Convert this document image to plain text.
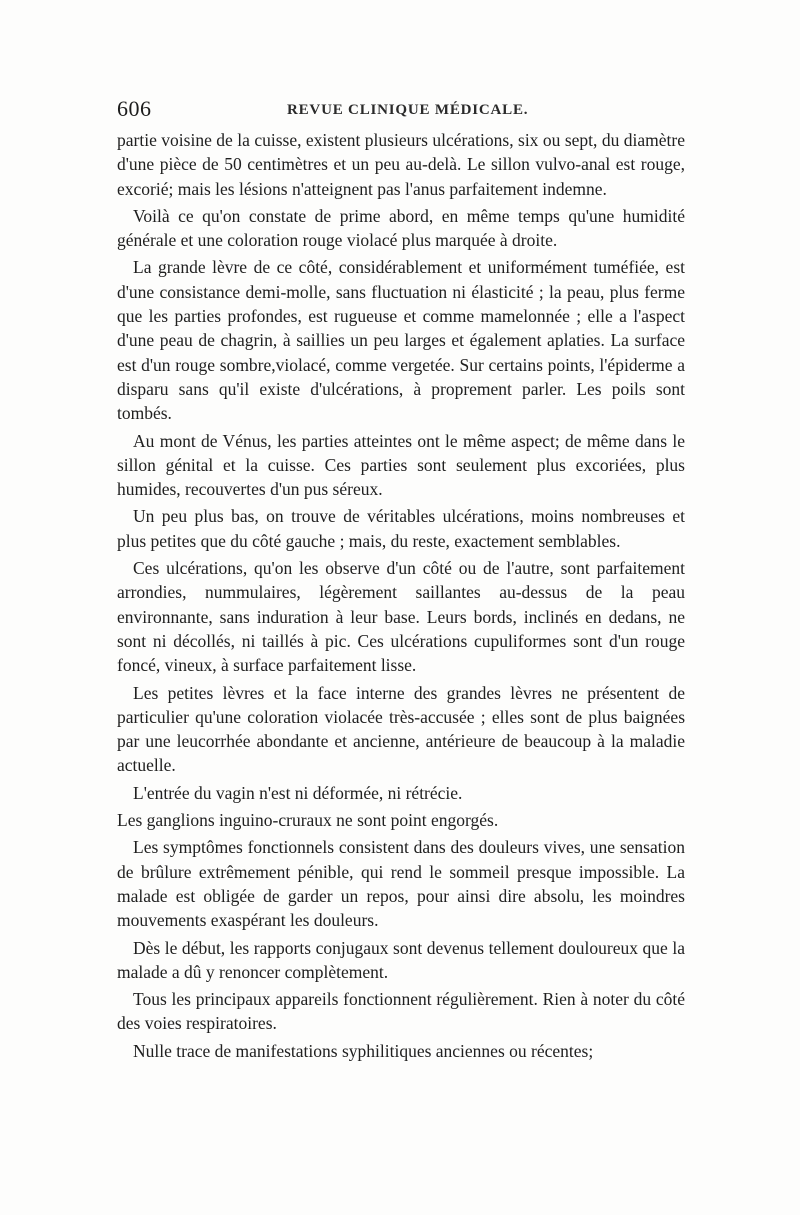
606	REVUE CLINIQUE MÉDICALE.

partie voisine de la cuisse, existent plusieurs ulcérations, six ou sept, du diamètre d'une pièce de 50 centimètres et un peu au-delà. Le sillon vulvo-anal est rouge, excorié; mais les lésions n'atteignent pas l'anus parfaitement indemne.

Voilà ce qu'on constate de prime abord, en même temps qu'une humidité générale et une coloration rouge violacé plus marquée à droite.

La grande lèvre de ce côté, considérablement et uniformément tuméfiée, est d'une consistance demi-molle, sans fluctuation ni élasticité ; la peau, plus ferme que les parties profondes, est rugueuse et comme mamelonnée ; elle a l'aspect d'une peau de chagrin, à saillies un peu larges et également aplaties. La surface est d'un rouge sombre,violacé, comme vergetée. Sur certains points, l'épiderme a disparu sans qu'il existe d'ulcérations, à proprement parler. Les poils sont tombés.

Au mont de Vénus, les parties atteintes ont le même aspect; de même dans le sillon génital et la cuisse. Ces parties sont seulement plus excoriées, plus humides, recouvertes d'un pus séreux.

Un peu plus bas, on trouve de véritables ulcérations, moins nombreuses et plus petites que du côté gauche ; mais, du reste, exactement semblables.

Ces ulcérations, qu'on les observe d'un côté ou de l'autre, sont parfaitement arrondies, nummulaires, légèrement saillantes au-dessus de la peau environnante, sans induration à leur base. Leurs bords, inclinés en dedans, ne sont ni décollés, ni taillés à pic. Ces ulcérations cupuliformes sont d'un rouge foncé, vineux, à surface parfaitement lisse.

Les petites lèvres et la face interne des grandes lèvres ne présentent de particulier qu'une coloration violacée très-accusée ; elles sont de plus baignées par une leucorrhée abondante et ancienne, antérieure de beaucoup à la maladie actuelle.

L'entrée du vagin n'est ni déformée, ni rétrécie.

Les ganglions inguino-cruraux ne sont point engorgés.

Les symptômes fonctionnels consistent dans des douleurs vives, une sensation de brûlure extrêmement pénible, qui rend le sommeil presque impossible. La malade est obligée de garder un repos, pour ainsi dire absolu, les moindres mouvements exaspérant les douleurs.

Dès le début, les rapports conjugaux sont devenus tellement douloureux que la malade a dû y renoncer complètement.

Tous les principaux appareils fonctionnent régulièrement. Rien à noter du côté des voies respiratoires.

Nulle trace de manifestations syphilitiques anciennes ou récentes;
